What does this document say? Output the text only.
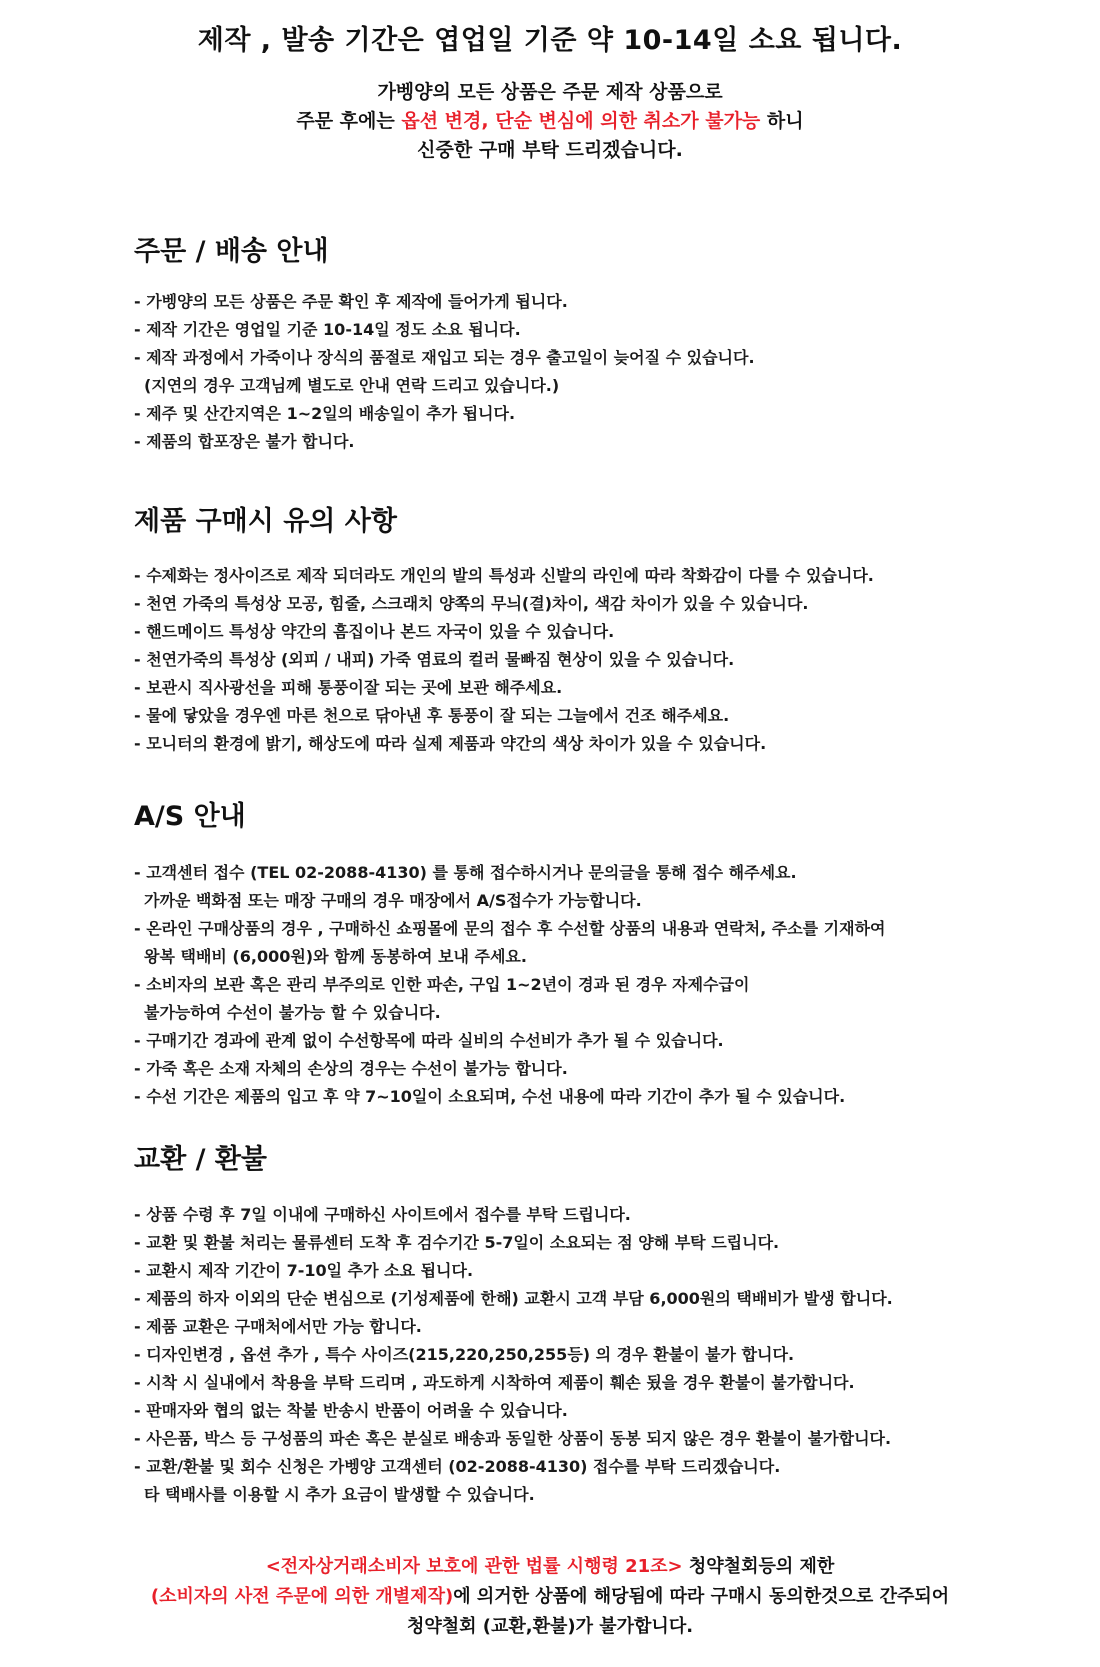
제작 , 발송 기간은 엽업일 기준 약 10-14일 소요 됩니다.
가벵양의 모든 상품은 주문 제작 상품으로
주문 후에는 옵션 변경, 단순 변심에 의한 취소가 불가능 하니
신중한 구매 부탁 드리겠습니다.
주문 / 배송 안내
- 가벵양의 모든 상품은 주문 확인 후 제작에 들어가게 됩니다.
- 제작 기간은 영업일 기준 10-14일 정도 소요 됩니다.
- 제작 과정에서 가죽이나 장식의 품절로 재입고 되는 경우 출고일이 늦어질 수 있습니다.
(지연의 경우 고객님께 별도로 안내 연락 드리고 있습니다.)
- 제주 및 산간지역은 1~2일의 배송일이 추가 됩니다.
- 제품의 합포장은 불가 합니다.
제품 구매시 유의 사항
- 수제화는 정사이즈로 제작 되더라도 개인의 발의 특성과 신발의 라인에 따라 착화감이 다를 수 있습니다.
- 천연 가죽의 특성상 모공, 힘줄, 스크래치 양쪽의 무늬(결)차이, 색감 차이가 있을 수 있습니다.
- 핸드메이드 특성상 약간의 흠집이나 본드 자국이 있을 수 있습니다.
- 천연가죽의 특성상 (외피 / 내피) 가죽 염료의 컬러 물빠짐 현상이 있을 수 있습니다.
- 보관시 직사광선을 피해 통풍이잘 되는 곳에 보관 해주세요.
- 물에 닿았을 경우엔 마른 천으로 닦아낸 후 통풍이 잘 되는 그늘에서 건조 해주세요.
- 모니터의 환경에 밝기, 해상도에 따라 실제 제품과 약간의 색상 차이가 있을 수 있습니다.
A/S 안내
- 고객센터 접수 (TEL 02-2088-4130) 를 통해 접수하시거나 문의글을 통해 접수 해주세요.
가까운 백화점 또는 매장 구매의 경우 매장에서 A/S접수가 가능합니다.
- 온라인 구매상품의 경우 , 구매하신 쇼핑몰에 문의 접수 후 수선할 상품의 내용과 연락처, 주소를 기재하여
왕복 택배비 (6,000원)와 함께 동봉하여 보내 주세요.
- 소비자의 보관 혹은 관리 부주의로 인한 파손, 구입 1~2년이 경과 된 경우 자제수급이
불가능하여 수선이 불가능 할 수 있습니다.
- 구매기간 경과에 관계 없이 수선항목에 따라 실비의 수선비가 추가 될 수 있습니다.
- 가죽 혹은 소재 자체의 손상의 경우는 수선이 불가능 합니다.
- 수선 기간은 제품의 입고 후 약 7~10일이 소요되며, 수선 내용에 따라 기간이 추가 될 수 있습니다.
교환 / 환불
- 상품 수령 후 7일 이내에 구매하신 사이트에서 접수를 부탁 드립니다.
- 교환 및 환불 처리는 물류센터 도착 후 검수기간 5-7일이 소요되는 점 양해 부탁 드립니다.
- 교환시 제작 기간이 7-10일 추가 소요 됩니다.
- 제품의 하자 이외의 단순 변심으로 (기성제품에 한해) 교환시 고객 부담 6,000원의 택배비가 발생 합니다.
- 제품 교환은 구매처에서만 가능 합니다.
- 디자인변경 , 옵션 추가 , 특수 사이즈(215,220,250,255등) 의 경우 환불이 불가 합니다.
- 시착 시 실내에서 착용을 부탁 드리며 , 과도하게 시착하여 제품이 훼손 됬을 경우 환불이 불가합니다.
- 판매자와 협의 없는 착불 반송시 반품이 어려울 수 있습니다.
- 사은품, 박스 등 구성품의 파손 혹은 분실로 배송과 동일한 상품이 동봉 되지 않은 경우 환불이 불가합니다.
- 교환/환불 및 회수 신청은 가벵양 고객센터 (02-2088-4130) 접수를 부탁 드리겠습니다.
타 택배사를 이용할 시 추가 요금이 발생할 수 있습니다.
<전자상거래소비자 보호에 관한 법률 시행령 21조> 청약철회등의 제한
(소비자의 사전 주문에 의한 개별제작)에 의거한 상품에 해당됨에 따라 구매시 동의한것으로 간주되어
청약철회 (교환,환불)가 불가합니다.
